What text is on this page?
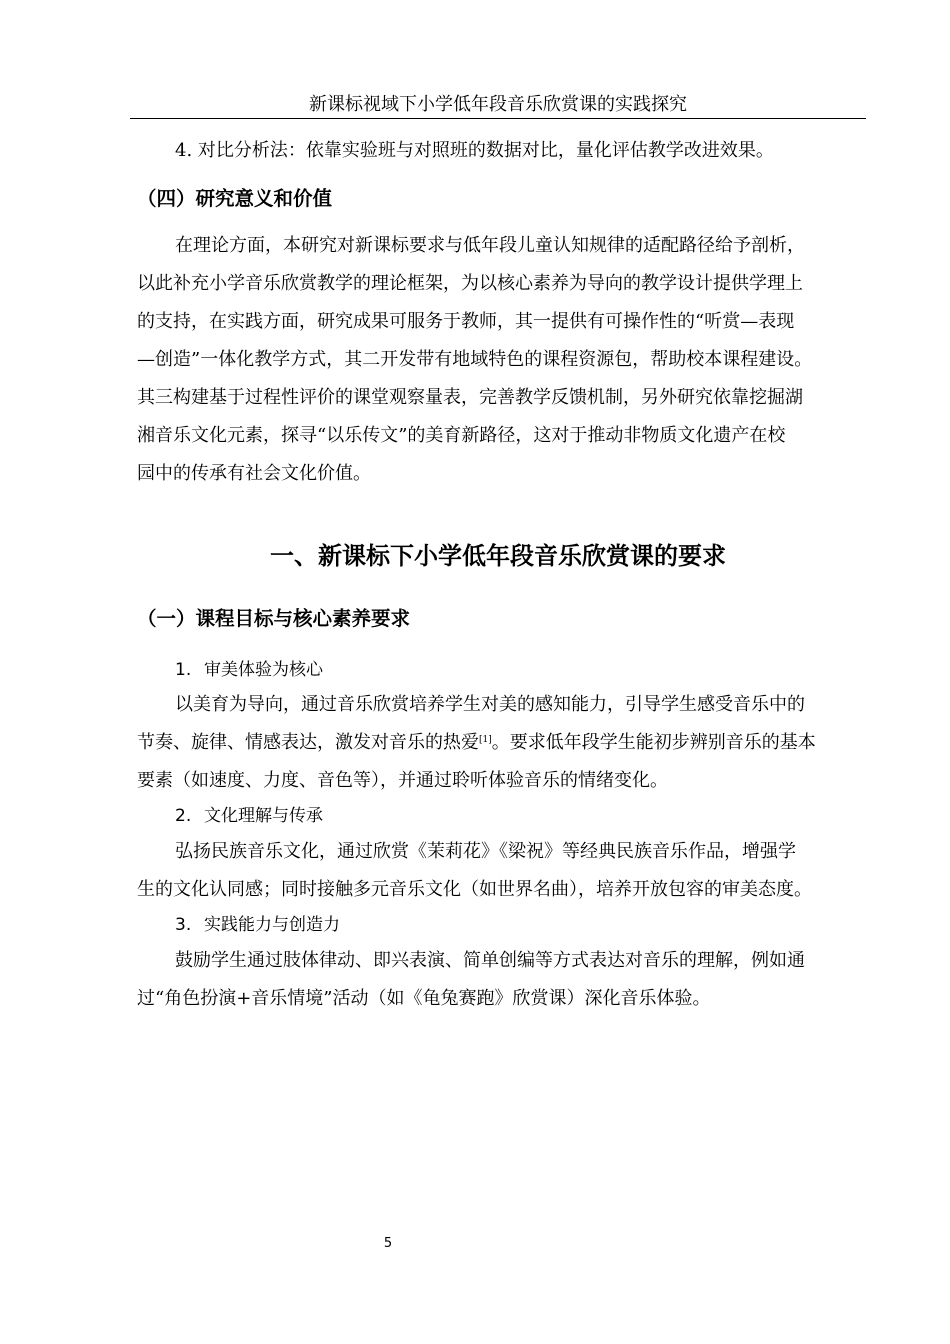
新课标视域下小学低年段音乐欣赏课的实践探究
4. 对比分析法：依靠实验班与对照班的数据对比，量化评估教学改进效果。
（四）研究意义和价值
在理论方面，本研究对新课标要求与低年段儿童认知规律的适配路径给予剖析，
以此补充小学音乐欣赏教学的理论框架，为以核心素养为导向的教学设计提供学理上
的支持，在实践方面，研究成果可服务于教师，其一提供有可操作性的“听赏—表现
—创造”一体化教学方式，其二开发带有地域特色的课程资源包，帮助校本课程建设。
其三构建基于过程性评价的课堂观察量表，完善教学反馈机制，另外研究依靠挖掘湖
湘音乐文化元素，探寻“以乐传文”的美育新路径，这对于推动非物质文化遗产在校
园中的传承有社会文化价值。
一、新课标下小学低年段音乐欣赏课的要求
（一）课程目标与核心素养要求
1. 审美体验为核心
以美育为导向，通过音乐欣赏培养学生对美的感知能力，引导学生感受音乐中的
节奏、旋律、情感表达，激发对音乐的热爱[1]。要求低年段学生能初步辨别音乐的基本
要素（如速度、力度、音色等），并通过聆听体验音乐的情绪变化。
2. 文化理解与传承
弘扬民族音乐文化，通过欣赏《茉莉花》《梁祝》等经典民族音乐作品，增强学
生的文化认同感；同时接触多元音乐文化（如世界名曲），培养开放包容的审美态度。
3. 实践能力与创造力
鼓励学生通过肢体律动、即兴表演、简单创编等方式表达对音乐的理解，例如通
过“角色扮演+音乐情境”活动（如《龟兔赛跑》欣赏课）深化音乐体验。
5
